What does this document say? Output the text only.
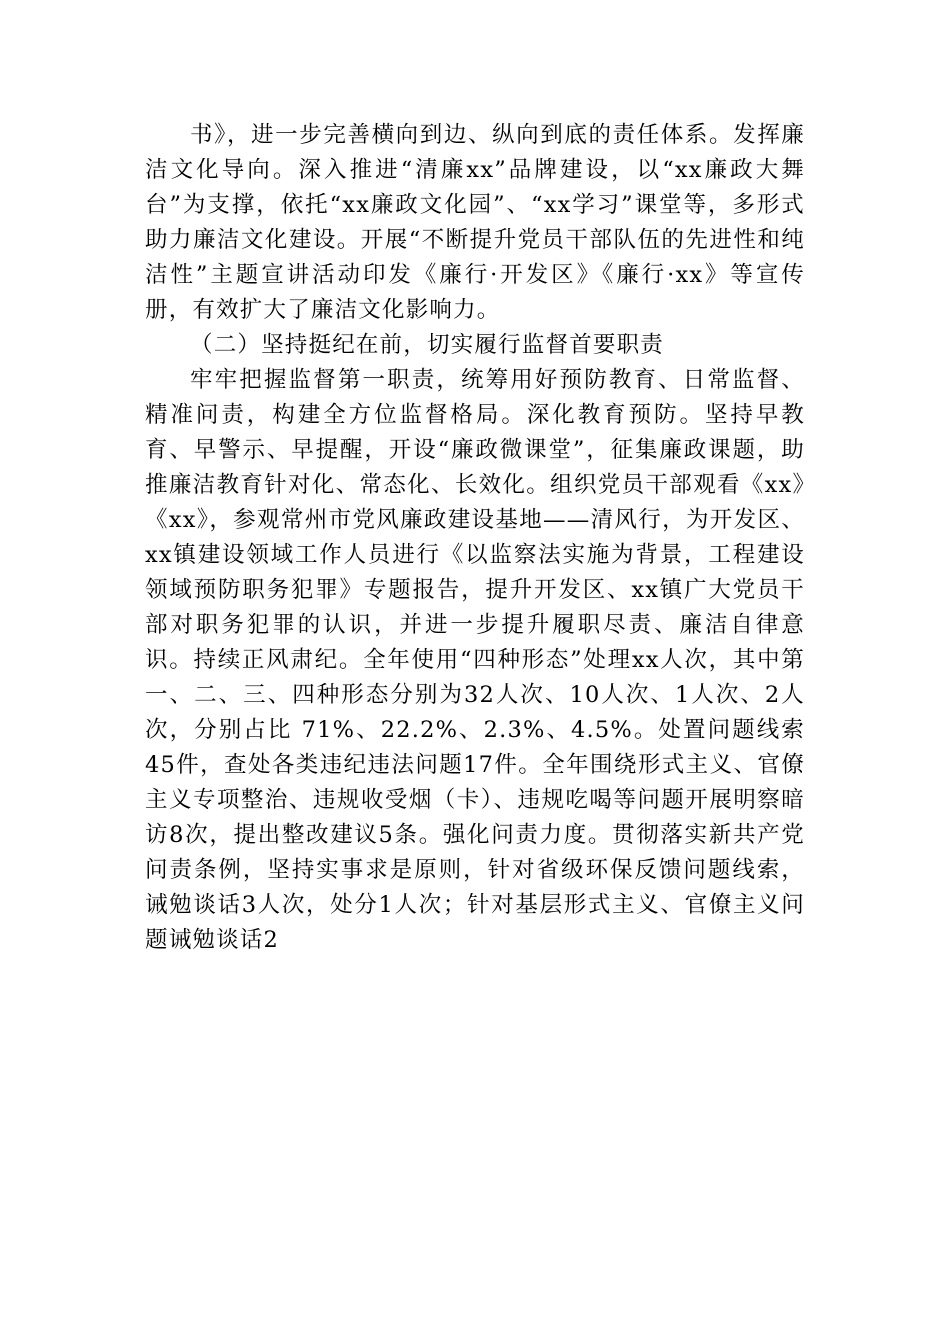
书》，进一步完善横向到边、纵向到底的责任体系。发挥廉洁文化导向。深入推进“清廉xx”品牌建设，以“xx廉政大舞台”为支撑，依托“xx廉政文化园”、“xx学习”课堂等，多形式助力廉洁文化建设。开展“不断提升党员干部队伍的先进性和纯洁性”主题宣讲活动印发《廉行·开发区》《廉行·xx》等宣传册，有效扩大了廉洁文化影响力。

（二）坚持挺纪在前，切实履行监督首要职责

牢牢把握监督第一职责，统筹用好预防教育、日常监督、精准问责，构建全方位监督格局。深化教育预防。坚持早教育、早警示、早提醒，开设“廉政微课堂”，征集廉政课题，助推廉洁教育针对化、常态化、长效化。组织党员干部观看《xx》《xx》，参观常州市党风廉政建设基地——清风行，为开发区、xx镇建设领域工作人员进行《以监察法实施为背景，工程建设领域预防职务犯罪》专题报告，提升开发区、xx镇广大党员干部对职务犯罪的认识，并进一步提升履职尽责、廉洁自律意识。持续正风肃纪。全年使用“四种形态”处理xx人次，其中第一、二、三、四种形态分别为32人次、10人次、1人次、2人次，分别占比 71%、22.2%、2.3%、4.5%。处置问题线索 45件，查处各类违纪违法问题17件。全年围绕形式主义、官僚主义专项整治、违规收受烟（卡）、违规吃喝等问题开展明察暗访8次，提出整改建议5条。强化问责力度。贯彻落实新共产党问责条例，坚持实事求是原则，针对省级环保反馈问题线索，诫勉谈话3人次，处分1人次；针对基层形式主义、官僚主义问题诫勉谈话2
